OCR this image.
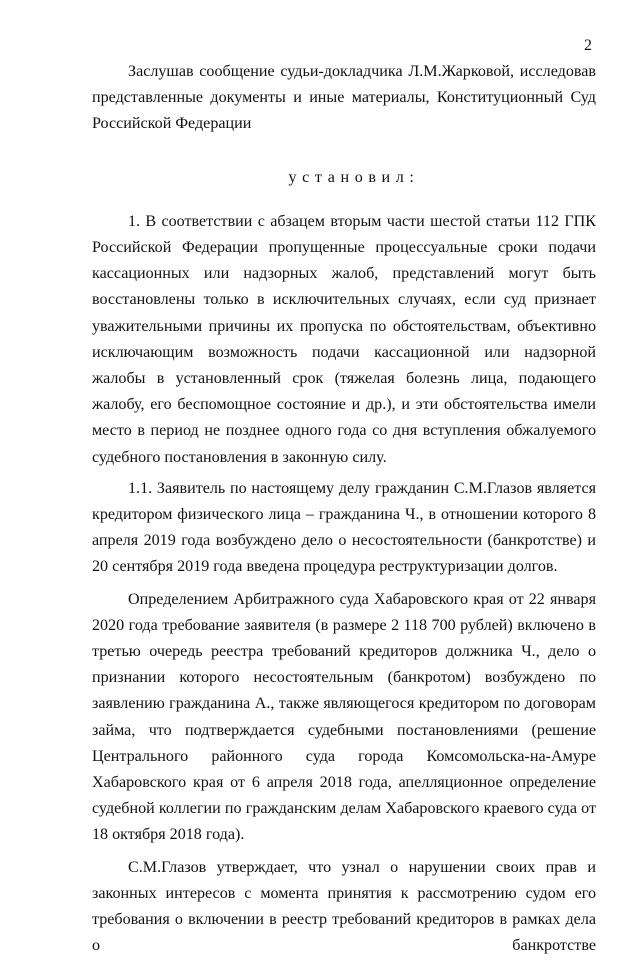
2

Заслушав сообщение судьи-докладчика Л.М.Жарковой, исследовав представленные документы и иные материалы, Конституционный Суд Российской Федерации

установил:

1. В соответствии с абзацем вторым части шестой статьи 112 ГПК Российской Федерации пропущенные процессуальные сроки подачи кассационных или надзорных жалоб, представлений могут быть восстановлены только в исключительных случаях, если суд признает уважительными причины их пропуска по обстоятельствам, объективно исключающим возможность подачи кассационной или надзорной жалобы в установленный срок (тяжелая болезнь лица, подающего жалобу, его беспомощное состояние и др.), и эти обстоятельства имели место в период не позднее одного года со дня вступления обжалуемого судебного постановления в законную силу.

1.1. Заявитель по настоящему делу гражданин С.М.Глазов является кредитором физического лица – гражданина Ч., в отношении которого 8 апреля 2019 года возбуждено дело о несостоятельности (банкротстве) и 20 сентября 2019 года введена процедура реструктуризации долгов.

Определением Арбитражного суда Хабаровского края от 22 января 2020 года требование заявителя (в размере 2 118 700 рублей) включено в третью очередь реестра требований кредиторов должника Ч., дело о признании которого несостоятельным (банкротом) возбуждено по заявлению гражданина А., также являющегося кредитором по договорам займа, что подтверждается судебными постановлениями (решение Центрального районного суда города Комсомольска-на-Амуре Хабаровского края от 6 апреля 2018 года, апелляционное определение судебной коллегии по гражданским делам Хабаровского краевого суда от 18 октября 2018 года).

С.М.Глазов утверждает, что узнал о нарушении своих прав и законных интересов с момента принятия к рассмотрению судом его требования о включении в реестр требований кредиторов в рамках дела о банкротстве
